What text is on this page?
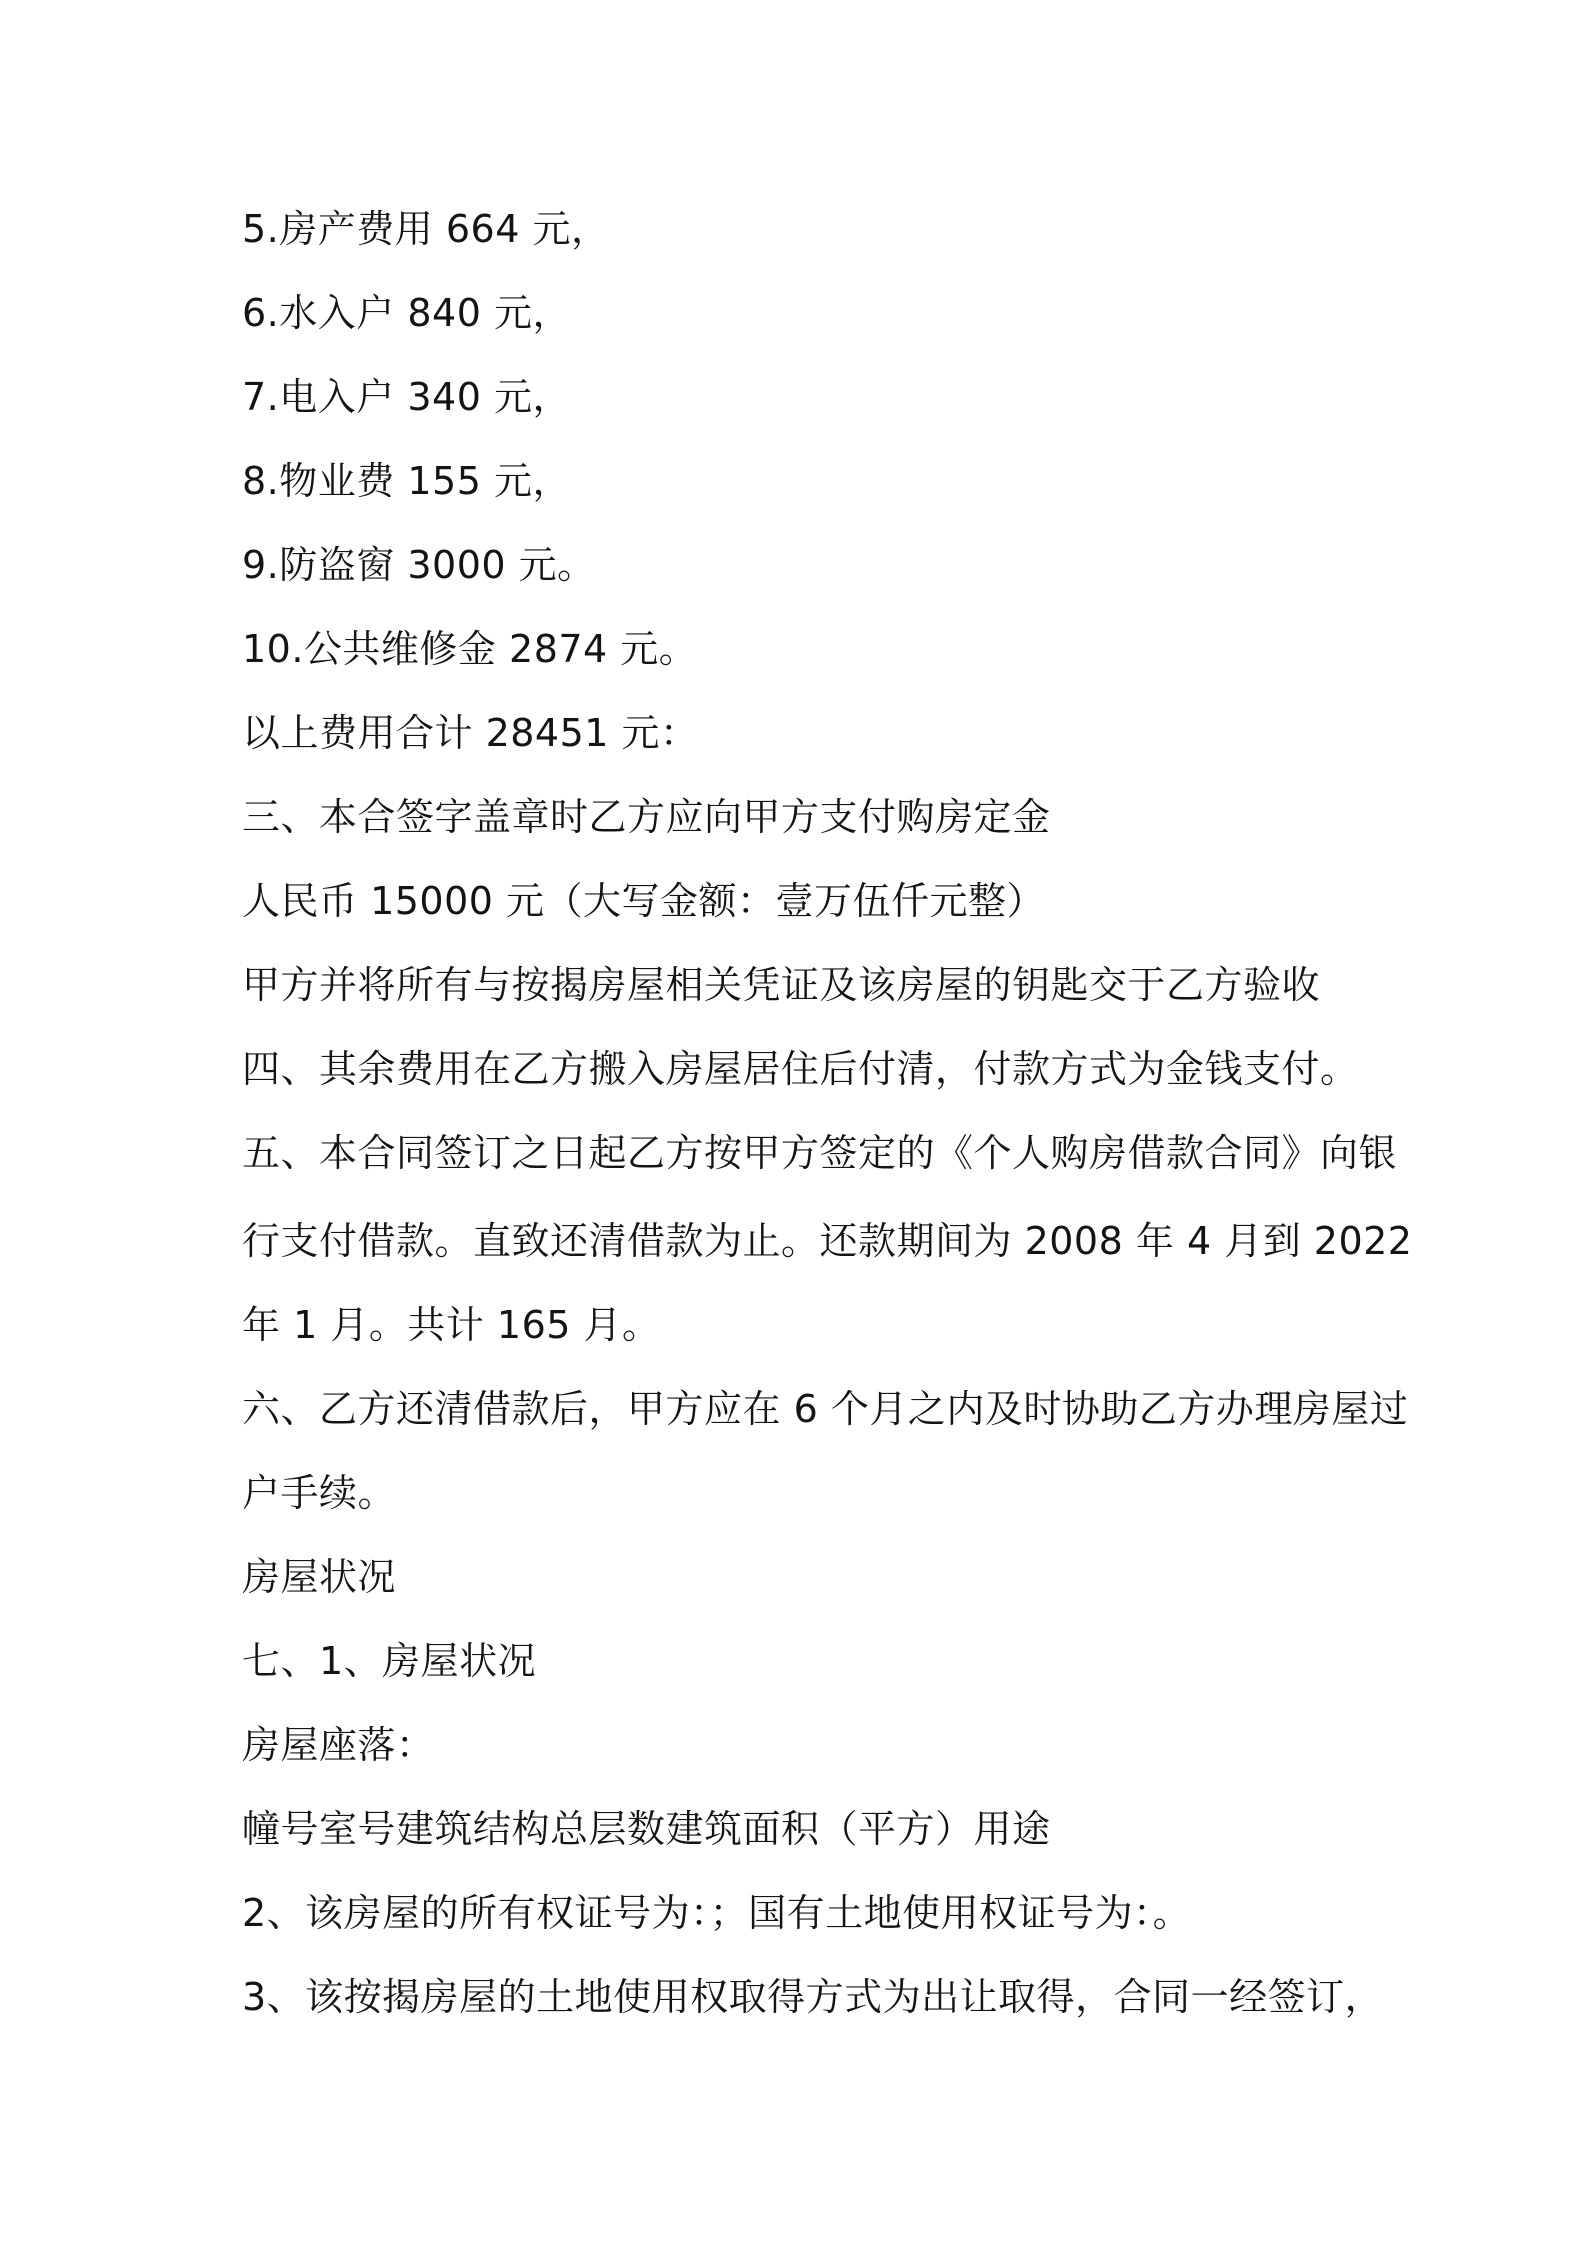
5.房产费用 664 元，

6.水入户 840 元，

7.电入户 340 元，

8.物业费 155 元，

9.防盗窗 3000 元。

10.公共维修金 2874 元。

以上费用合计 28451 元：

三、本合签字盖章时乙方应向甲方支付购房定金

人民币 15000 元（大写金额：壹万伍仟元整）

甲方并将所有与按揭房屋相关凭证及该房屋的钥匙交于乙方验收

四、其余费用在乙方搬入房屋居住后付清，付款方式为金钱支付。

五、本合同签订之日起乙方按甲方签定的《个人购房借款合同》向银

行支付借款。直致还清借款为止。还款期间为 2008 年 4 月到 2022

年 1 月。共计 165 月。

六、乙方还清借款后，甲方应在 6 个月之内及时协助乙方办理房屋过

户手续。

房屋状况

七、1、房屋状况

房屋座落：

幢号室号建筑结构总层数建筑面积（平方）用途

2、该房屋的所有权证号为：；国有土地使用权证号为：。

3、该按揭房屋的土地使用权取得方式为出让取得，合同一经签订，
